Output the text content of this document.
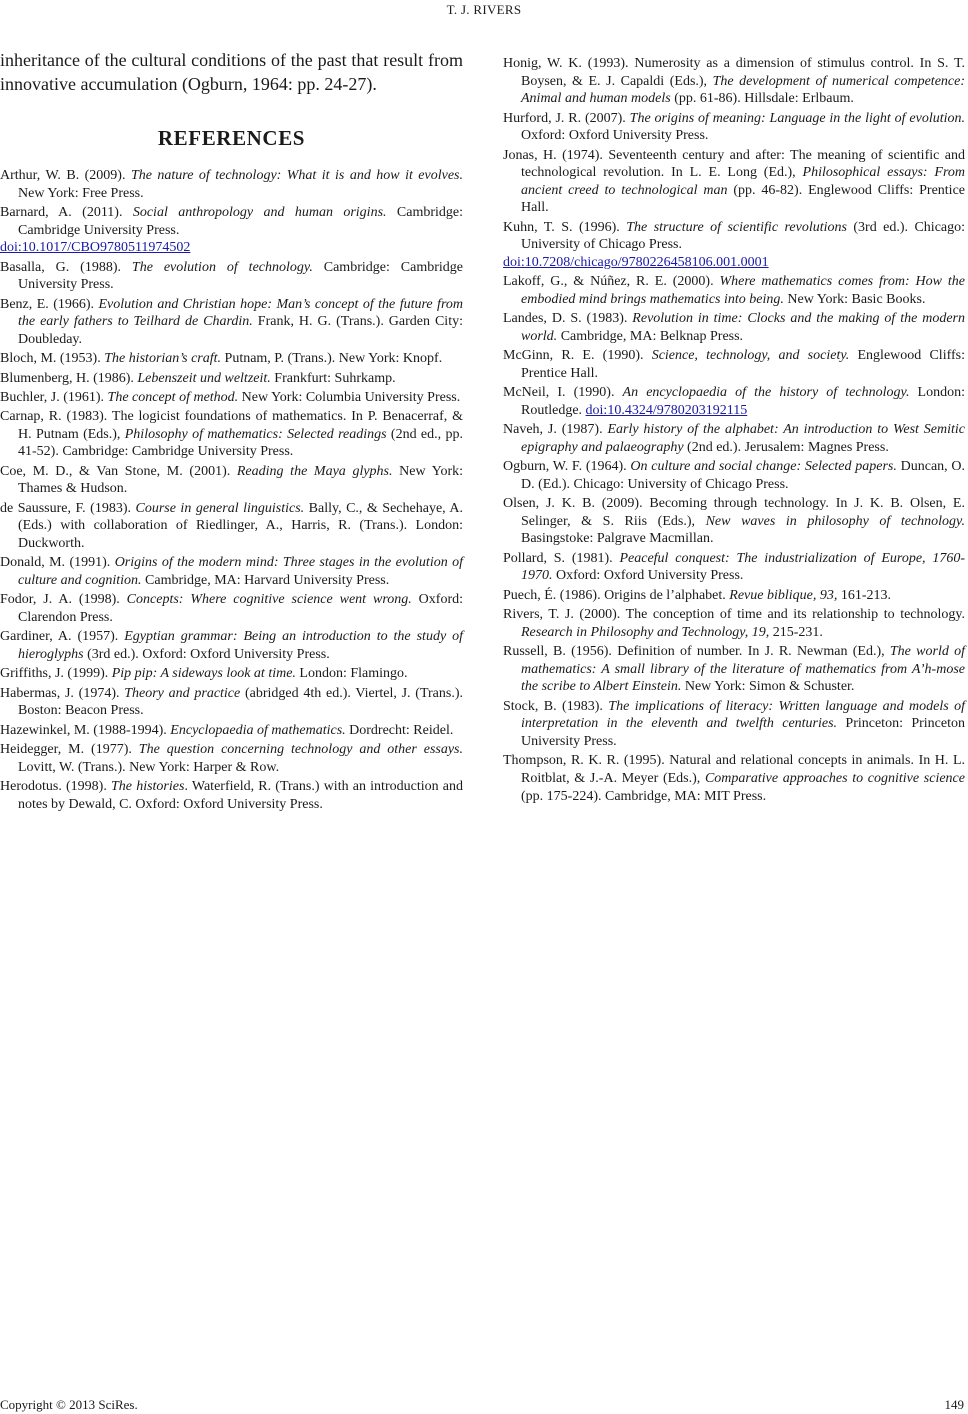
T. J. RIVERS
inheritance of the cultural conditions of the past that result from innovative accumulation (Ogburn, 1964: pp. 24-27).
REFERENCES

Arthur, W. B. (2009). The nature of technology: What it is and how it evolves. New York: Free Press.

Barnard, A. (2011). Social anthropology and human origins. Cambridge: Cambridge University Press.
doi:10.1017/CBO9780511974502

Basalla, G. (1988). The evolution of technology. Cambridge: Cambridge University Press.

Benz, E. (1966). Evolution and Christian hope: Man’s concept of the future from the early fathers to Teilhard de Chardin. Frank, H. G. (Trans.). Garden City: Doubleday.

Bloch, M. (1953). The historian’s craft. Putnam, P. (Trans.). New York: Knopf.

Blumenberg, H. (1986). Lebenszeit und weltzeit. Frankfurt: Suhrkamp.

Buchler, J. (1961). The concept of method. New York: Columbia University Press.

Carnap, R. (1983). The logicist foundations of mathematics. In P. Benacerraf, & H. Putnam (Eds.), Philosophy of mathematics: Selected readings (2nd ed., pp. 41-52). Cambridge: Cambridge University Press.

Coe, M. D., & Van Stone, M. (2001). Reading the Maya glyphs. New York: Thames & Hudson.

de Saussure, F. (1983). Course in general linguistics. Bally, C., & Sechehaye, A. (Eds.) with collaboration of Riedlinger, A., Harris, R. (Trans.). London: Duckworth.

Donald, M. (1991). Origins of the modern mind: Three stages in the evolution of culture and cognition. Cambridge, MA: Harvard University Press.

Fodor, J. A. (1998). Concepts: Where cognitive science went wrong. Oxford: Clarendon Press.

Gardiner, A. (1957). Egyptian grammar: Being an introduction to the study of hieroglyphs (3rd ed.). Oxford: Oxford University Press.

Griffiths, J. (1999). Pip pip: A sideways look at time. London: Flamingo.

Habermas, J. (1974). Theory and practice (abridged 4th ed.). Viertel, J. (Trans.). Boston: Beacon Press.

Hazewinkel, M. (1988-1994). Encyclopaedia of mathematics. Dordrecht: Reidel.

Heidegger, M. (1977). The question concerning technology and other essays. Lovitt, W. (Trans.). New York: Harper & Row.

Herodotus. (1998). The histories. Waterfield, R. (Trans.) with an introduction and notes by Dewald, C. Oxford: Oxford University Press.

Honig, W. K. (1993). Numerosity as a dimension of stimulus control. In S. T. Boysen, & E. J. Capaldi (Eds.), The development of numerical competence: Animal and human models (pp. 61-86). Hillsdale: Erlbaum.

Hurford, J. R. (2007). The origins of meaning: Language in the light of evolution. Oxford: Oxford University Press.

Jonas, H. (1974). Seventeenth century and after: The meaning of scientific and technological revolution. In L. E. Long (Ed.), Philosophical essays: From ancient creed to technological man (pp. 46-82). Englewood Cliffs: Prentice Hall.

Kuhn, T. S. (1996). The structure of scientific revolutions (3rd ed.). Chicago: University of Chicago Press.
doi:10.7208/chicago/9780226458106.001.0001

Lakoff, G., & Núñez, R. E. (2000). Where mathematics comes from: How the embodied mind brings mathematics into being. New York: Basic Books.

Landes, D. S. (1983). Revolution in time: Clocks and the making of the modern world. Cambridge, MA: Belknap Press.

McGinn, R. E. (1990). Science, technology, and society. Englewood Cliffs: Prentice Hall.

McNeil, I. (1990). An encyclopaedia of the history of technology. London: Routledge. doi:10.4324/9780203192115

Naveh, J. (1987). Early history of the alphabet: An introduction to West Semitic epigraphy and palaeography (2nd ed.). Jerusalem: Magnes Press.

Ogburn, W. F. (1964). On culture and social change: Selected papers. Duncan, O. D. (Ed.). Chicago: University of Chicago Press.

Olsen, J. K. B. (2009). Becoming through technology. In J. K. B. Olsen, E. Selinger, & S. Riis (Eds.), New waves in philosophy of technology. Basingstoke: Palgrave Macmillan.

Pollard, S. (1981). Peaceful conquest: The industrialization of Europe, 1760-1970. Oxford: Oxford University Press.

Puech, É. (1986). Origins de l’alphabet. Revue biblique, 93, 161-213.

Rivers, T. J. (2000). The conception of time and its relationship to technology. Research in Philosophy and Technology, 19, 215-231.

Russell, B. (1956). Definition of number. In J. R. Newman (Ed.), The world of mathematics: A small library of the literature of mathematics from A’h-mose the scribe to Albert Einstein. New York: Simon & Schuster.

Stock, B. (1983). The implications of literacy: Written language and models of interpretation in the eleventh and twelfth centuries. Princeton: Princeton University Press.

Thompson, R. K. R. (1995). Natural and relational concepts in animals. In H. L. Roitblat, & J.-A. Meyer (Eds.), Comparative approaches to cognitive science (pp. 175-224). Cambridge, MA: MIT Press.

Copyright © 2013 SciRes.	149
